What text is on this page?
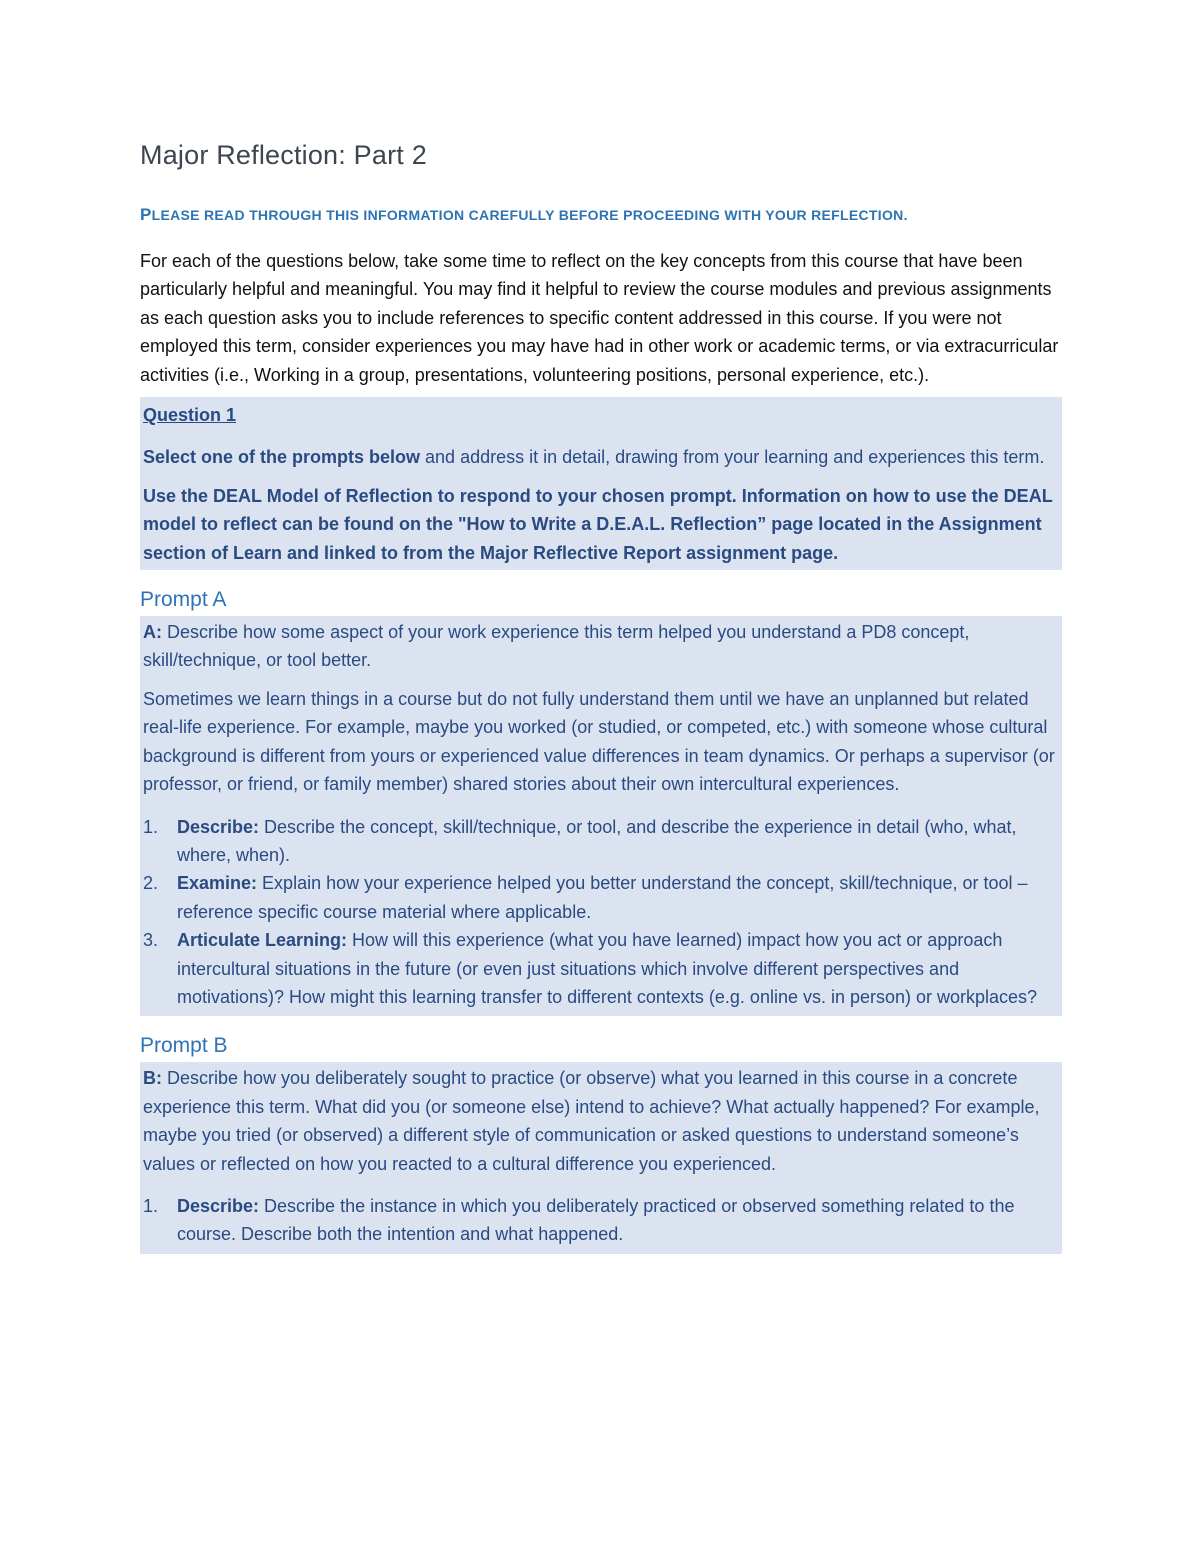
Major Reflection: Part 2
PLEASE READ THROUGH THIS INFORMATION CAREFULLY BEFORE PROCEEDING WITH YOUR REFLECTION.

For each of the questions below, take some time to reflect on the key concepts from this course that have been particularly helpful and meaningful. You may find it helpful to review the course modules and previous assignments as each question asks you to include references to specific content addressed in this course. If you were not employed this term, consider experiences you may have had in other work or academic terms, or via extracurricular activities (i.e., Working in a group, presentations, volunteering positions, personal experience, etc.).

Question 1

Select one of the prompts below and address it in detail, drawing from your learning and experiences this term.

Use the DEAL Model of Reflection to respond to your chosen prompt. Information on how to use the DEAL model to reflect can be found on the "How to Write a D.E.A.L. Reflection” page located in the Assignment section of Learn and linked to from the Major Reflective Report assignment page.

Prompt A

A: Describe how some aspect of your work experience this term helped you understand a PD8 concept, skill/technique, or tool better.

Sometimes we learn things in a course but do not fully understand them until we have an unplanned but related real-life experience. For example, maybe you worked (or studied, or competed, etc.) with someone whose cultural background is different from yours or experienced value differences in team dynamics. Or perhaps a supervisor (or professor, or friend, or family member) shared stories about their own intercultural experiences.

1.	Describe: Describe the concept, skill/technique, or tool, and describe the experience in detail (who, what, where, when).
2.	Examine: Explain how your experience helped you better understand the concept, skill/technique, or tool – reference specific course material where applicable.
3.	Articulate Learning: How will this experience (what you have learned) impact how you act or approach intercultural situations in the future (or even just situations which involve different perspectives and motivations)? How might this learning transfer to different contexts (e.g. online vs. in person) or workplaces?
Prompt B

B: Describe how you deliberately sought to practice (or observe) what you learned in this course in a concrete experience this term. What did you (or someone else) intend to achieve? What actually happened? For example, maybe you tried (or observed) a different style of communication or asked questions to understand someone’s values or reflected on how you reacted to a cultural difference you experienced.

1.	Describe: Describe the instance in which you deliberately practiced or observed something related to the course. Describe both the intention and what happened.
